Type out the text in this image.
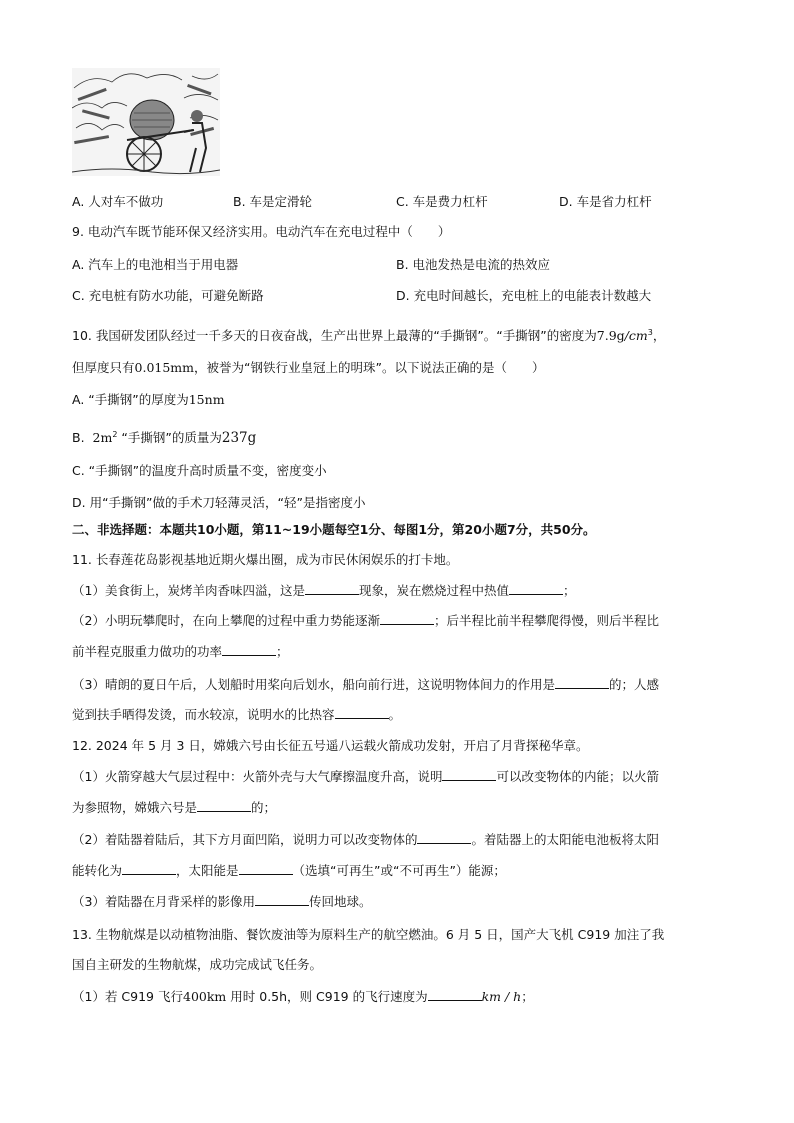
A. 人对车不做功	B. 车是定滑轮	C. 车是费力杠杆	D. 车是省力杠杆
9. 电动汽车既节能环保又经济实用。电动汽车在充电过程中（　　）
A. 汽车上的电池相当于用电器	B. 电池发热是电流的热效应
C. 充电桩有防水功能，可避免断路	D. 充电时间越长，充电桩上的电能表计数越大
10. 我国研发团队经过一千多天的日夜奋战，生产出世界上最薄的“手撕钢”。“手撕钢”的密度为$7.9g/cm^3$，
但厚度只有0.015mm，被誉为“钢铁行业皇冠上的明珠”。以下说法正确的是（　　）
A. “手撕钢”的厚度为15nm
B. $2m^2$ “手撕钢”的质量为237g
C. “手撕钢”的温度升高时质量不变，密度变小
D. 用“手撕钢”做的手术刀轻薄灵活，“轻”是指密度小
二、非选择题：本题共10小题，第11~19小题每空1分、每图1分，第20小题7分，共50分。
11. 长春莲花岛影视基地近期火爆出圈，成为市民休闲娱乐的打卡地。
（1）美食街上，炭烤羊肉香味四溢，这是	现象，炭在燃烧过程中热值	；
（2）小明玩攀爬时，在向上攀爬的过程中重力势能逐渐	；后半程比前半程攀爬得慢，则后半程比
前半程克服重力做功的功率	；
（3）晴朗的夏日午后，人划船时用桨向后划水，船向前行进，这说明物体间力的作用是	的；人感
觉到扶手晒得发烫，而水较凉，说明水的比热容	。
12. 2024 年 5 月 3 日，嫦娥六号由长征五号遥八运载火箭成功发射，开启了月背探秘华章。
（1）火箭穿越大气层过程中：火箭外壳与大气摩擦温度升高，说明	可以改变物体的内能；以火箭
为参照物，嫦娥六号是	的；
（2）着陆器着陆后，其下方月面凹陷，说明力可以改变物体的	。着陆器上的太阳能电池板将太阳
能转化为	，太阳能是	（选填“可再生”或“不可再生”）能源；
（3）着陆器在月背采样的影像用	传回地球。
13. 生物航煤是以动植物油脂、餐饮废油等为原料生产的航空燃油。6 月 5 日，国产大飞机 C919 加注了我
国自主研发的生物航煤，成功完成试飞任务。
（1）若 C919 飞行400km 用时 0.5h，则 C919 的飞行速度为	km / h；
